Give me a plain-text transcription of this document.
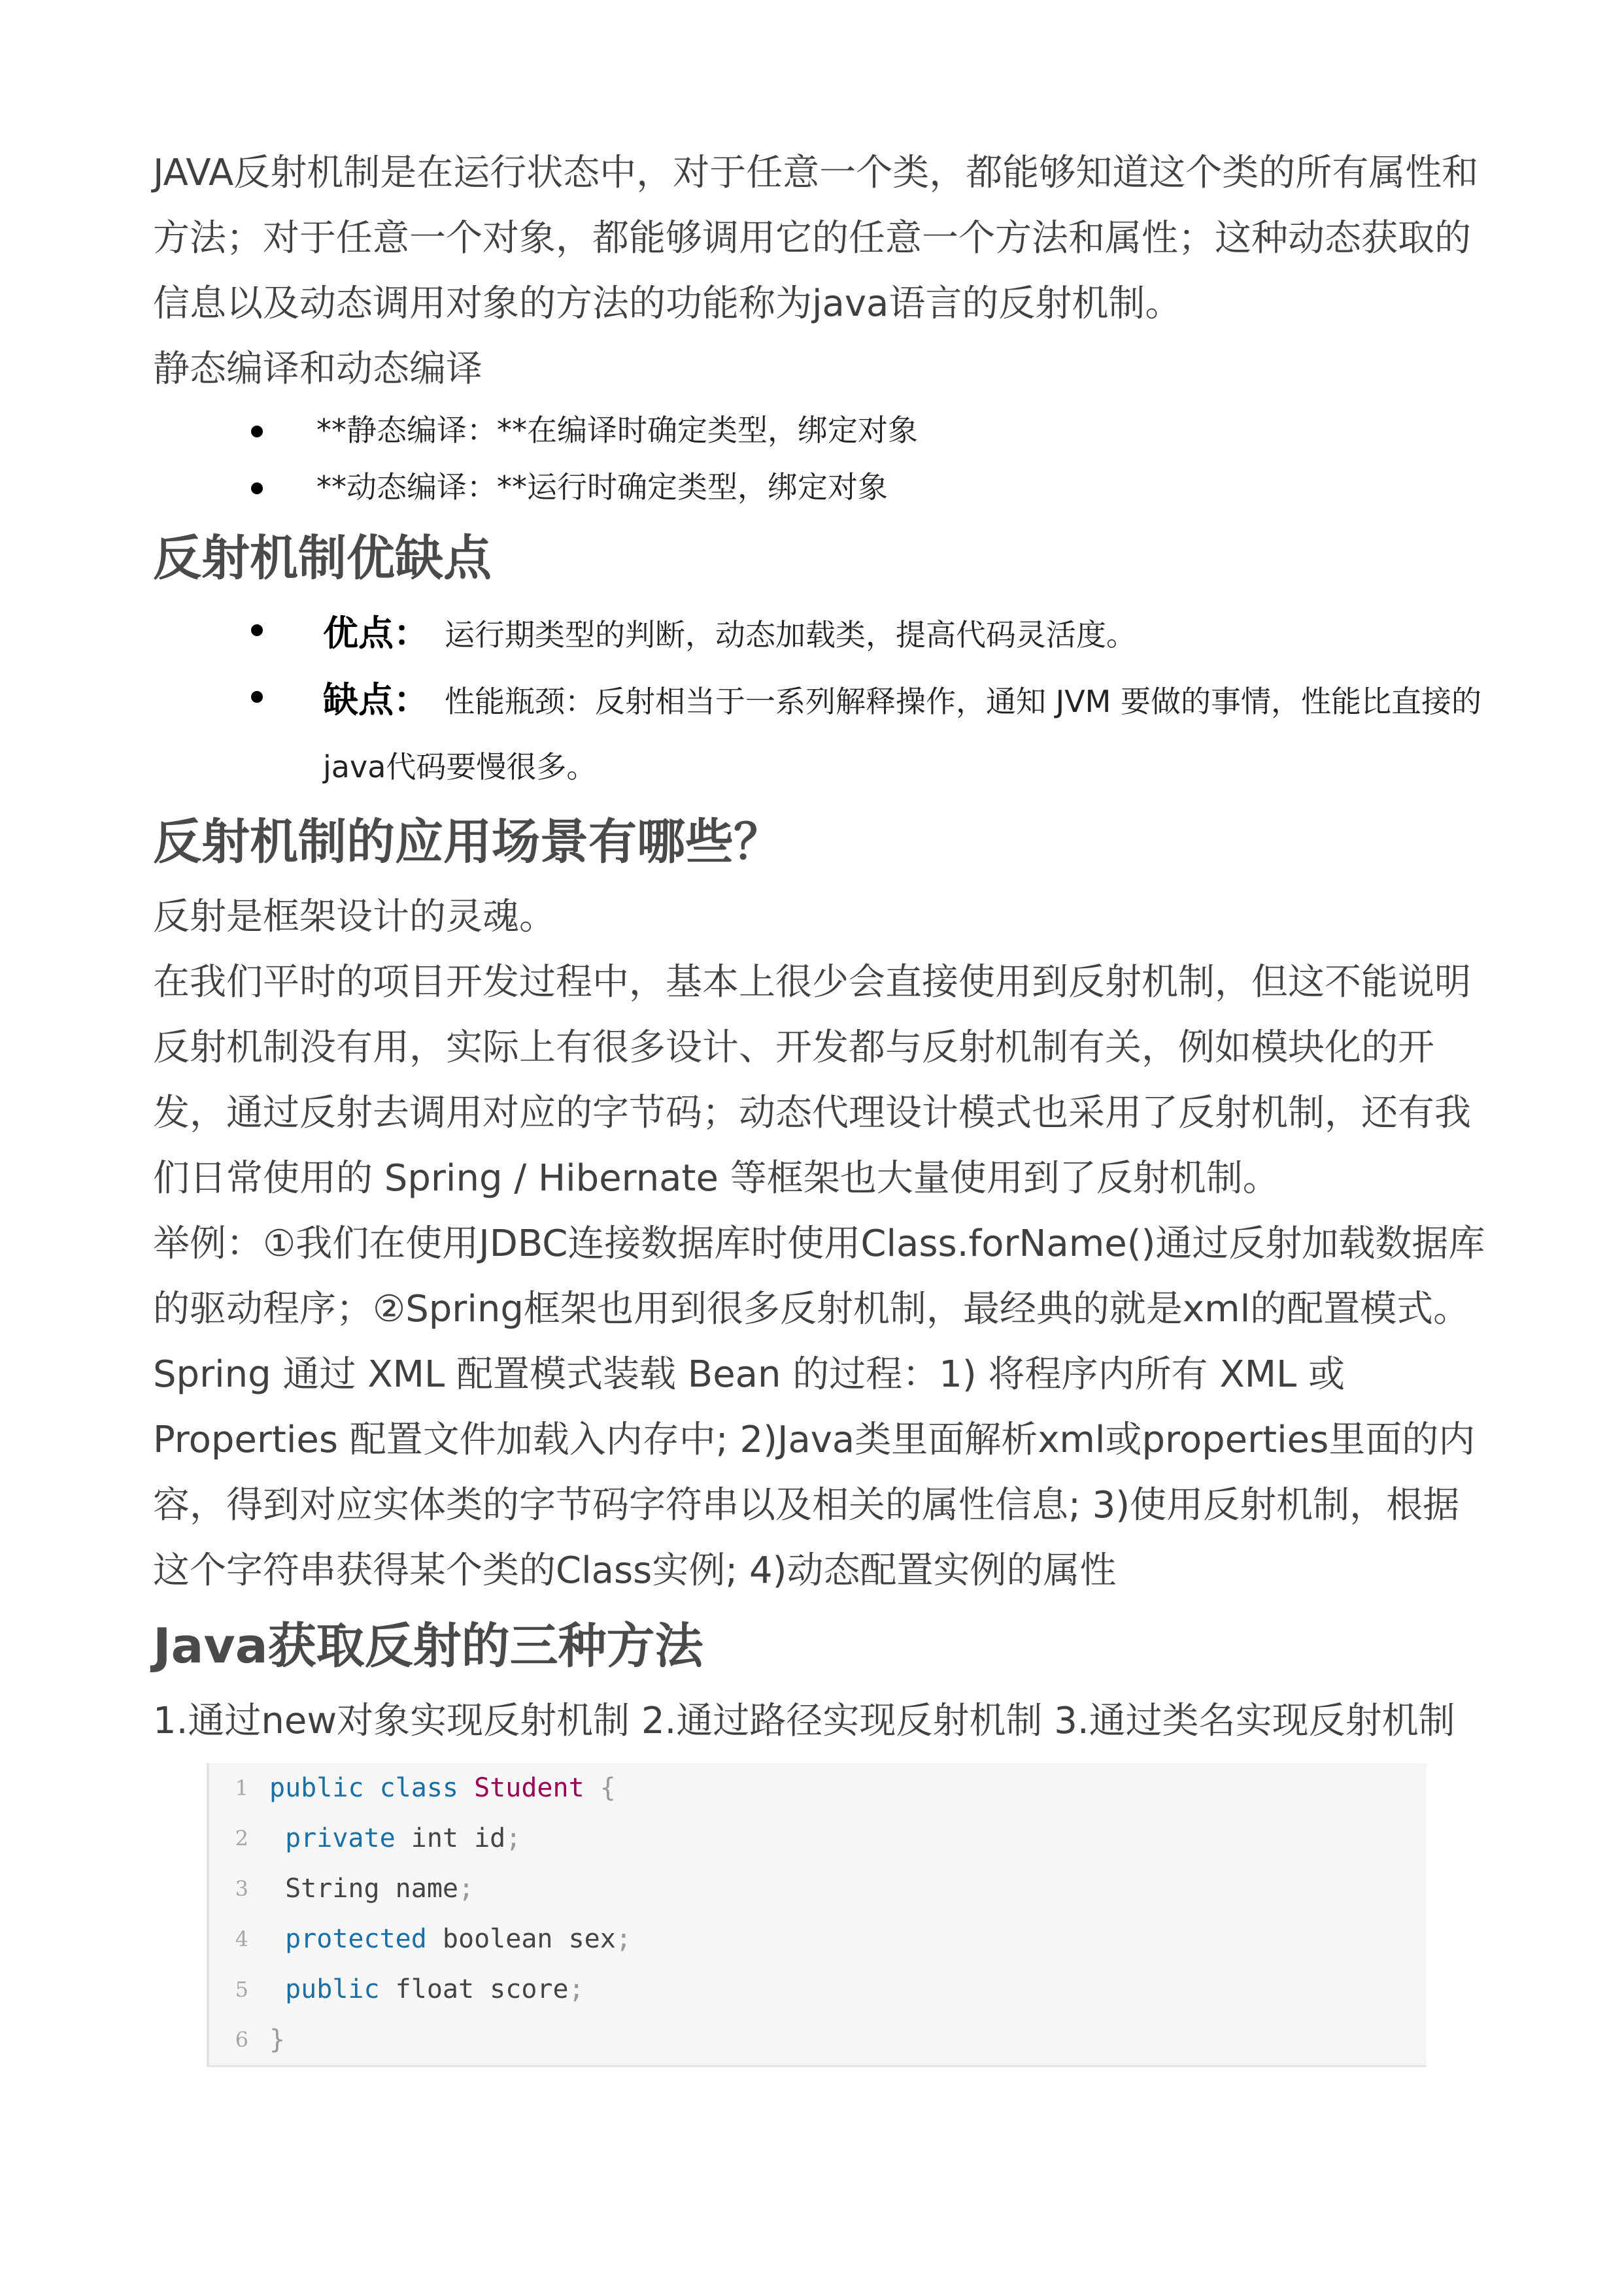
JAVA反射机制是在运行状态中，对于任意一个类，都能够知道这个类的所有属性和方法；对于任意一个对象，都能够调用它的任意一个方法和属性；这种动态获取的信息以及动态调用对象的方法的功能称为java语言的反射机制。

静态编译和动态编译

**静态编译：**在编译时确定类型，绑定对象
**动态编译：**运行时确定类型，绑定对象
反射机制优缺点
优点： 运行期类型的判断，动态加载类，提高代码灵活度。
缺点： 性能瓶颈：反射相当于一系列解释操作，通知 JVM 要做的事情，性能比直接的java代码要慢很多。
反射机制的应用场景有哪些？

反射是框架设计的灵魂。

在我们平时的项目开发过程中，基本上很少会直接使用到反射机制，但这不能说明反射机制没有用，实际上有很多设计、开发都与反射机制有关，例如模块化的开发，通过反射去调用对应的字节码；动态代理设计模式也采用了反射机制，还有我们日常使用的 Spring / Hibernate 等框架也大量使用到了反射机制。

举例：①我们在使用JDBC连接数据库时使用Class.forName()通过反射加载数据库的驱动程序；②Spring框架也用到很多反射机制，最经典的就是xml的配置模式。Spring 通过 XML 配置模式装载 Bean 的过程：1) 将程序内所有 XML 或 Properties 配置文件加载入内存中; 2)Java类里面解析xml或properties里面的内容，得到对应实体类的字节码字符串以及相关的属性信息; 3)使用反射机制，根据这个字符串获得某个类的Class实例; 4)动态配置实例的属性

Java获取反射的三种方法

1.通过new对象实现反射机制 2.通过路径实现反射机制 3.通过类名实现反射机制

1 public class Student {
2 private int id;
3 String name;
4 protected boolean sex;
5 public float score;
6 }
